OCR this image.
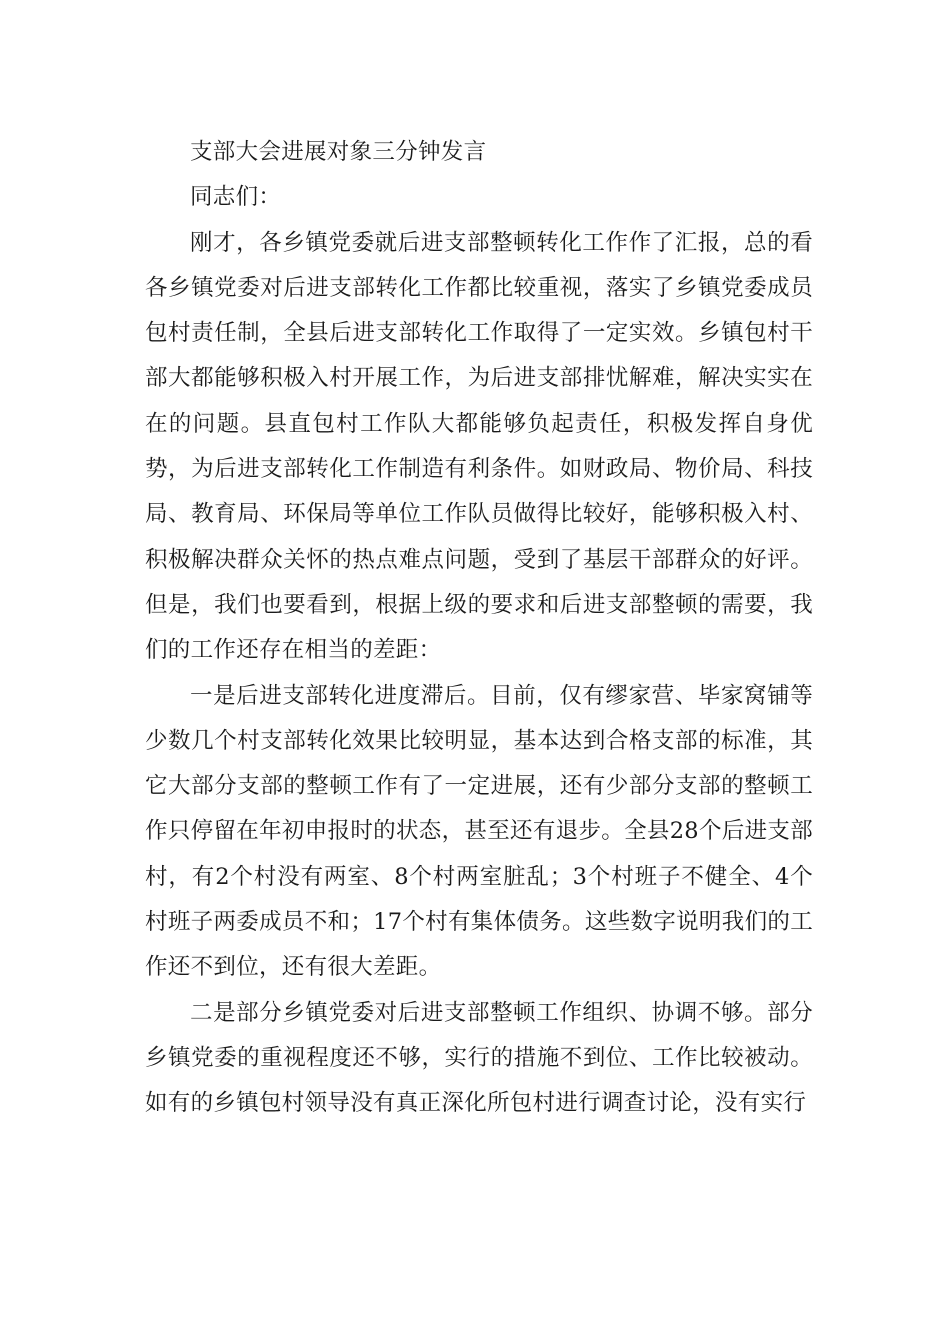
支部大会进展对象三分钟发言

同志们：

刚才，各乡镇党委就后进支部整顿转化工作作了汇报，总的看各乡镇党委对后进支部转化工作都比较重视，落实了乡镇党委成员包村责任制，全县后进支部转化工作取得了一定实效。乡镇包村干部大都能够积极入村开展工作，为后进支部排忧解难，解决实实在在的问题。县直包村工作队大都能够负起责任，积极发挥自身优势，为后进支部转化工作制造有利条件。如财政局、物价局、科技局、教育局、环保局等单位工作队员做得比较好，能够积极入村、积极解决群众关怀的热点难点问题，受到了基层干部群众的好评。但是，我们也要看到，根据上级的要求和后进支部整顿的需要，我们的工作还存在相当的差距：

一是后进支部转化进度滞后。目前，仅有缪家营、毕家窝铺等少数几个村支部转化效果比较明显，基本达到合格支部的标准，其它大部分支部的整顿工作有了一定进展，还有少部分支部的整顿工作只停留在年初申报时的状态，甚至还有退步。全县28个后进支部村，有2个村没有两室、8个村两室脏乱；3个村班子不健全、4个村班子两委成员不和；17个村有集体债务。这些数字说明我们的工作还不到位，还有很大差距。

二是部分乡镇党委对后进支部整顿工作组织、协调不够。部分乡镇党委的重视程度还不够，实行的措施不到位、工作比较被动。如有的乡镇包村领导没有真正深化所包村进行调查讨论，没有实行
